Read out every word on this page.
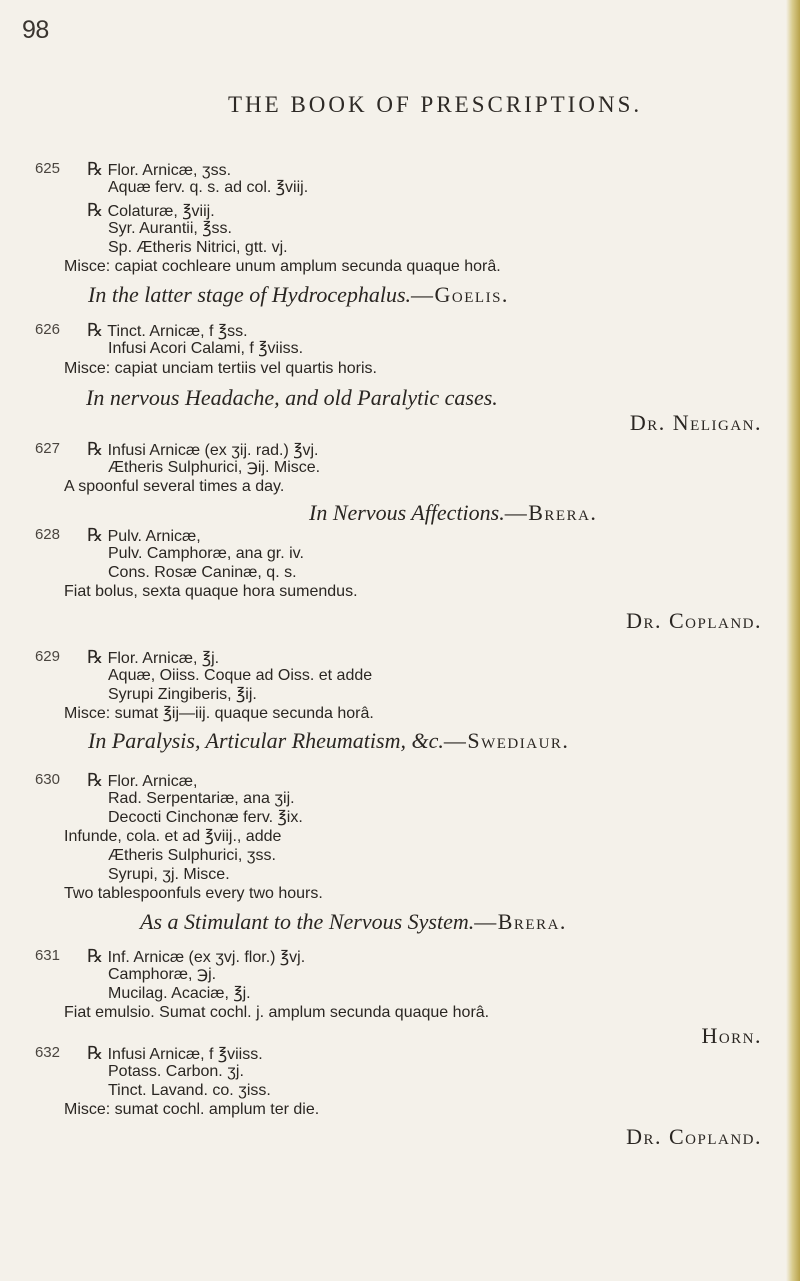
98
THE BOOK OF PRESCRIPTIONS.
625 ℞ Flor. Arnicæ, ʒss.
Aquæ ferv. q. s. ad col. ℥viij.
℞ Colaturæ, ℥viij.
Syr. Aurantii, ℥ss.
Sp. Ætheris Nitrici, gtt. vj.
Misce: capiat cochleare unum amplum secunda quaque horâ.
In the latter stage of Hydrocephalus.—Goelis.
626 ℞ Tinct. Arnicæ, f ℥ss.
Infusi Acori Calami, f ℥viiss.
Misce: capiat unciam tertiis vel quartis horis.
In nervous Headache, and old Paralytic cases.
Dr. Neligan.
627 ℞ Infusi Arnicæ (ex ʒij. rad.) ℥vj.
Ætheris Sulphurici, ℈ij. Misce.
A spoonful several times a day.
In Nervous Affections.—Brera.
628 ℞ Pulv. Arnicæ,
Pulv. Camphoræ, ana gr. iv.
Cons. Rosæ Caninæ, q. s.
Fiat bolus, sexta quaque hora sumendus.
Dr. Copland.
629 ℞ Flor. Arnicæ, ℥j.
Aquæ, Oiiss. Coque ad Oiss. et adde
Syrupi Zingiberis, ℥ij.
Misce: sumat ℥ij—iij. quaque secunda horâ.
In Paralysis, Articular Rheumatism, &c.—Swediaur.
630 ℞ Flor. Arnicæ,
Rad. Serpentariæ, ana ʒij.
Decocti Cinchonæ ferv. ℥ix.
Infunde, cola. et ad ℥viij., adde
Ætheris Sulphurici, ʒss.
Syrupi, ʒj. Misce.
Two tablespoonfuls every two hours.
As a Stimulant to the Nervous System.—Brera.
631 ℞ Inf. Arnicæ (ex ʒvj. flor.) ℥vj.
Camphoræ, ℈j.
Mucilag. Acaciæ, ℥j.
Fiat emulsio. Sumat cochl. j. amplum secunda quaque horâ.
Horn.
632 ℞ Infusi Arnicæ, f ℥viiss.
Potass. Carbon. ʒj.
Tinct. Lavand. co. ʒiss.
Misce: sumat cochl. amplum ter die.
Dr. Copland.
